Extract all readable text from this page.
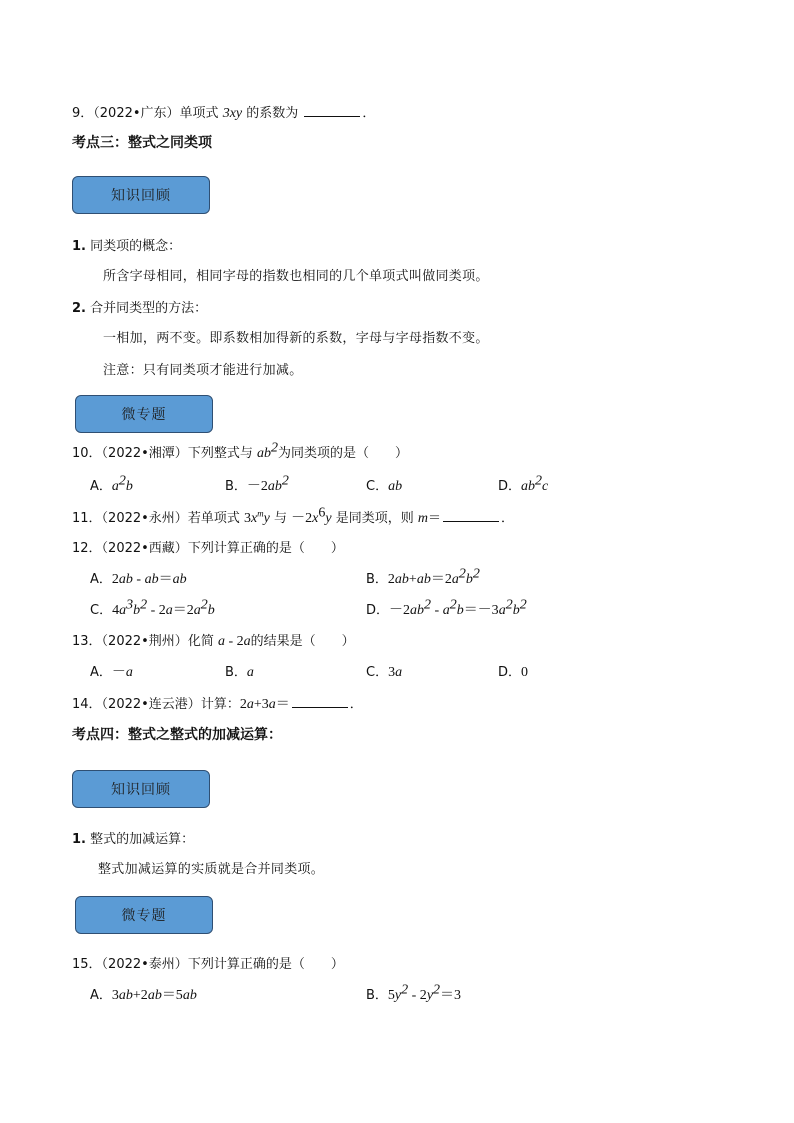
9．（2022•广东）单项式 3xy 的系数为	．
考点三：整式之同类项
知识回顾
1. 同类项的概念：
所含字母相同，相同字母的指数也相同的几个单项式叫做同类项。
2. 合并同类型的方法：
一相加，两不变。即系数相加得新的系数，字母与字母指数不变。
注意：只有同类项才能进行加减。
微专题
10．（2022•湘潭）下列整式与 $ab^2$为同类项的是（　　）
A．$a^2b$	B．$-2ab^2$	C．ab	D．$ab^2c$
11．（2022•永州）若单项式 $3x^my$ 与 $-2x^6y$ 是同类项，则 m＝	．
12．（2022•西藏）下列计算正确的是（　　）
A．2ab - ab＝ab	B．$2ab+ab=2a^2b^2$
C．$4a^3b^2 - 2a=2a^2b$	D．$-2ab^2 - a^2b=-3a^2b^2$
13．（2022•荆州）化简 a - 2a的结果是（　　）
A．－a	B．a	C．3a	D．0
14．（2022•连云港）计算：2a+3a＝	．
考点四：整式之整式的加减运算：
知识回顾
1. 整式的加减运算：
整式加减运算的实质就是合并同类项。
微专题
15．（2022•泰州）下列计算正确的是（　　）
A．3ab+2ab＝5ab	B．$5y^2 - 2y^2=3$
